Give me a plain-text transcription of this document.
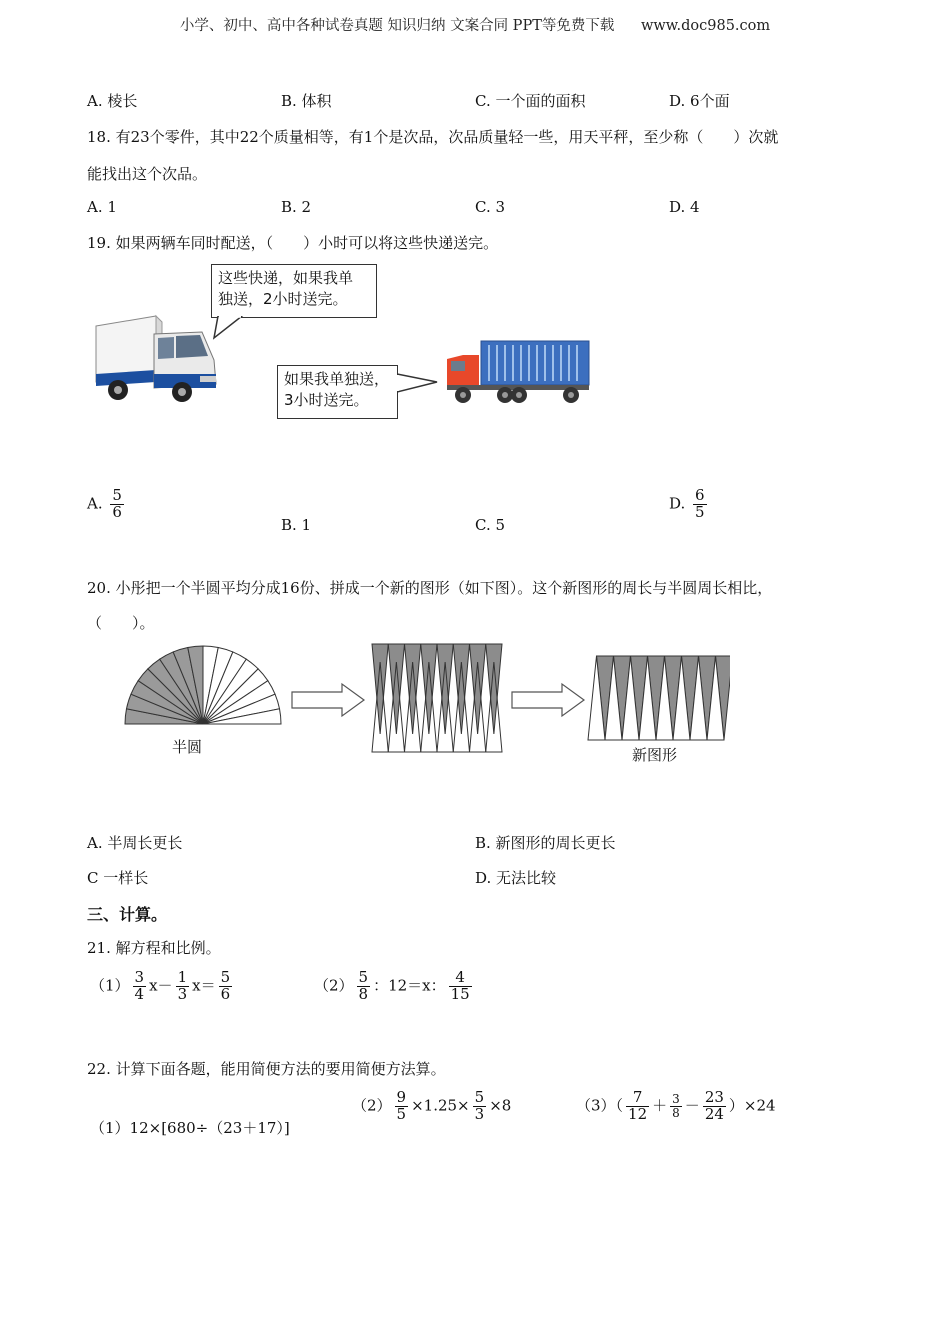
小学、初中、高中各种试卷真题 知识归纳 文案合同 PPT等免费下载 www.doc985.com
A. 棱长	B. 体积	C. 一个面的面积	D. 6个面
18. 有23个零件，其中22个质量相等，有1个是次品，次品质量轻一些，用天平秤，至少称（　　）次就
能找出这个次品。
A. 1	B. 2	C. 3	D. 4
19. 如果两辆车同时配送，（　　）小时可以将这些快递送完。
这些快递，如果我单
独送，2小时送完。
如果我单独送，
3小时送完。
A. $\frac{5}{6}$
B. 1	C. 5
D. $\frac{6}{5}$
20. 小彤把一个半圆平均分成16份、拼成一个新的图形（如下图）。这个新图形的周长与半圆周长相比，
（　　）。
半圆	新图形
A. 半周长更长	B. 新图形的周长更长
C 一样长	D. 无法比较
三、计算。
21. 解方程和比例。
$(1) \frac{3}{4} x- \frac{1}{3} x= \frac{5}{6}$	$(2) \frac{5}{8}$ ：12＝x： $\frac{4}{15}$
22. 计算下面各题，能用简便方法的要用简便方法算。
（1）12×[680÷（23＋17）]
$(2) \frac{9}{5} \times 1.25\times \frac{5}{3} \times 8$	$(3)( \frac{7}{12} + \frac{3}{8} - \frac{23}{24} )\times 24$
